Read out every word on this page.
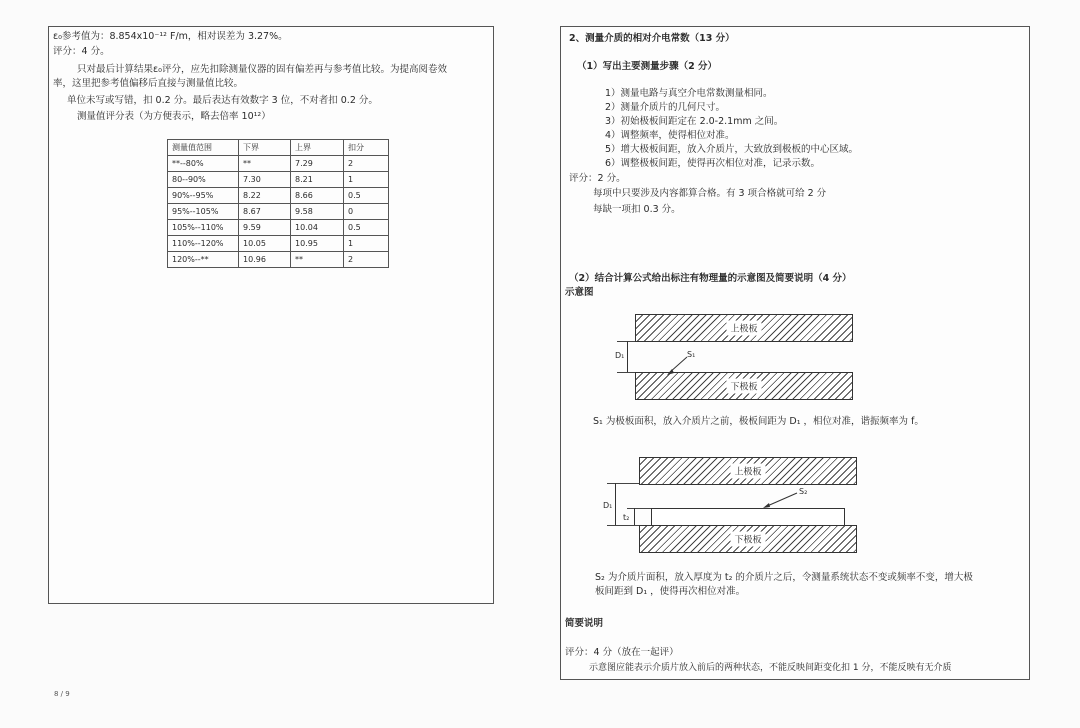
ε₀参考值为：8.854x10⁻¹² F/m，相对误差为 3.27%。
评分：4 分。
只对最后计算结果ε₀评分，应先扣除测量仪器的固有偏差再与参考值比较。为提高阅卷效
率，这里把参考值偏移后直接与测量值比较。
单位未写或写错，扣 0.2 分。最后表达有效数字 3 位，不对者扣 0.2 分。
测量值评分表（为方便表示，略去倍率 10¹²）
测量值范围	下界	上界	扣分
**--80%	**	7.29	2
80--90%	7.30	8.21	1
90%--95%	8.22	8.66	0.5
95%--105%	8.67	9.58	0
105%--110%	9.59	10.04	0.5
110%--120%	10.05	10.95	1
120%--**	10.96	**	2
2、测量介质的相对介电常数（13 分）
（1）写出主要测量步骤（2 分）
1）测量电路与真空介电常数测量相同。
2）测量介质片的几何尺寸。
3）初始极板间距定在 2.0-2.1mm 之间。
4）调整频率，使得相位对准。
5）增大极板间距，放入介质片，大致放到极板的中心区域。
6）调整极板间距，使得再次相位对准，记录示数。
评分：2 分。
每项中只要涉及内容都算合格。有 3 项合格就可给 2 分
每缺一项扣 0.3 分。
（2）结合计算公式给出标注有物理量的示意图及简要说明（4 分）
示意图
上极板
下极板
D₁	S₁
S₁ 为极板面积，放入介质片之前，极板间距为 D₁ ，相位对准，谐振频率为 f。
上极板
下极板
D₁
t₂
S₂
S₂ 为介质片面积，放入厚度为 t₂ 的介质片之后，令测量系统状态不变或频率不变，增大极
板间距到 D₁ ，使得再次相位对准。
简要说明
评分：4 分（放在一起评）
示意图应能表示介质片放入前后的两种状态，不能反映间距变化扣 1 分，不能反映有无介质
8 / 9
